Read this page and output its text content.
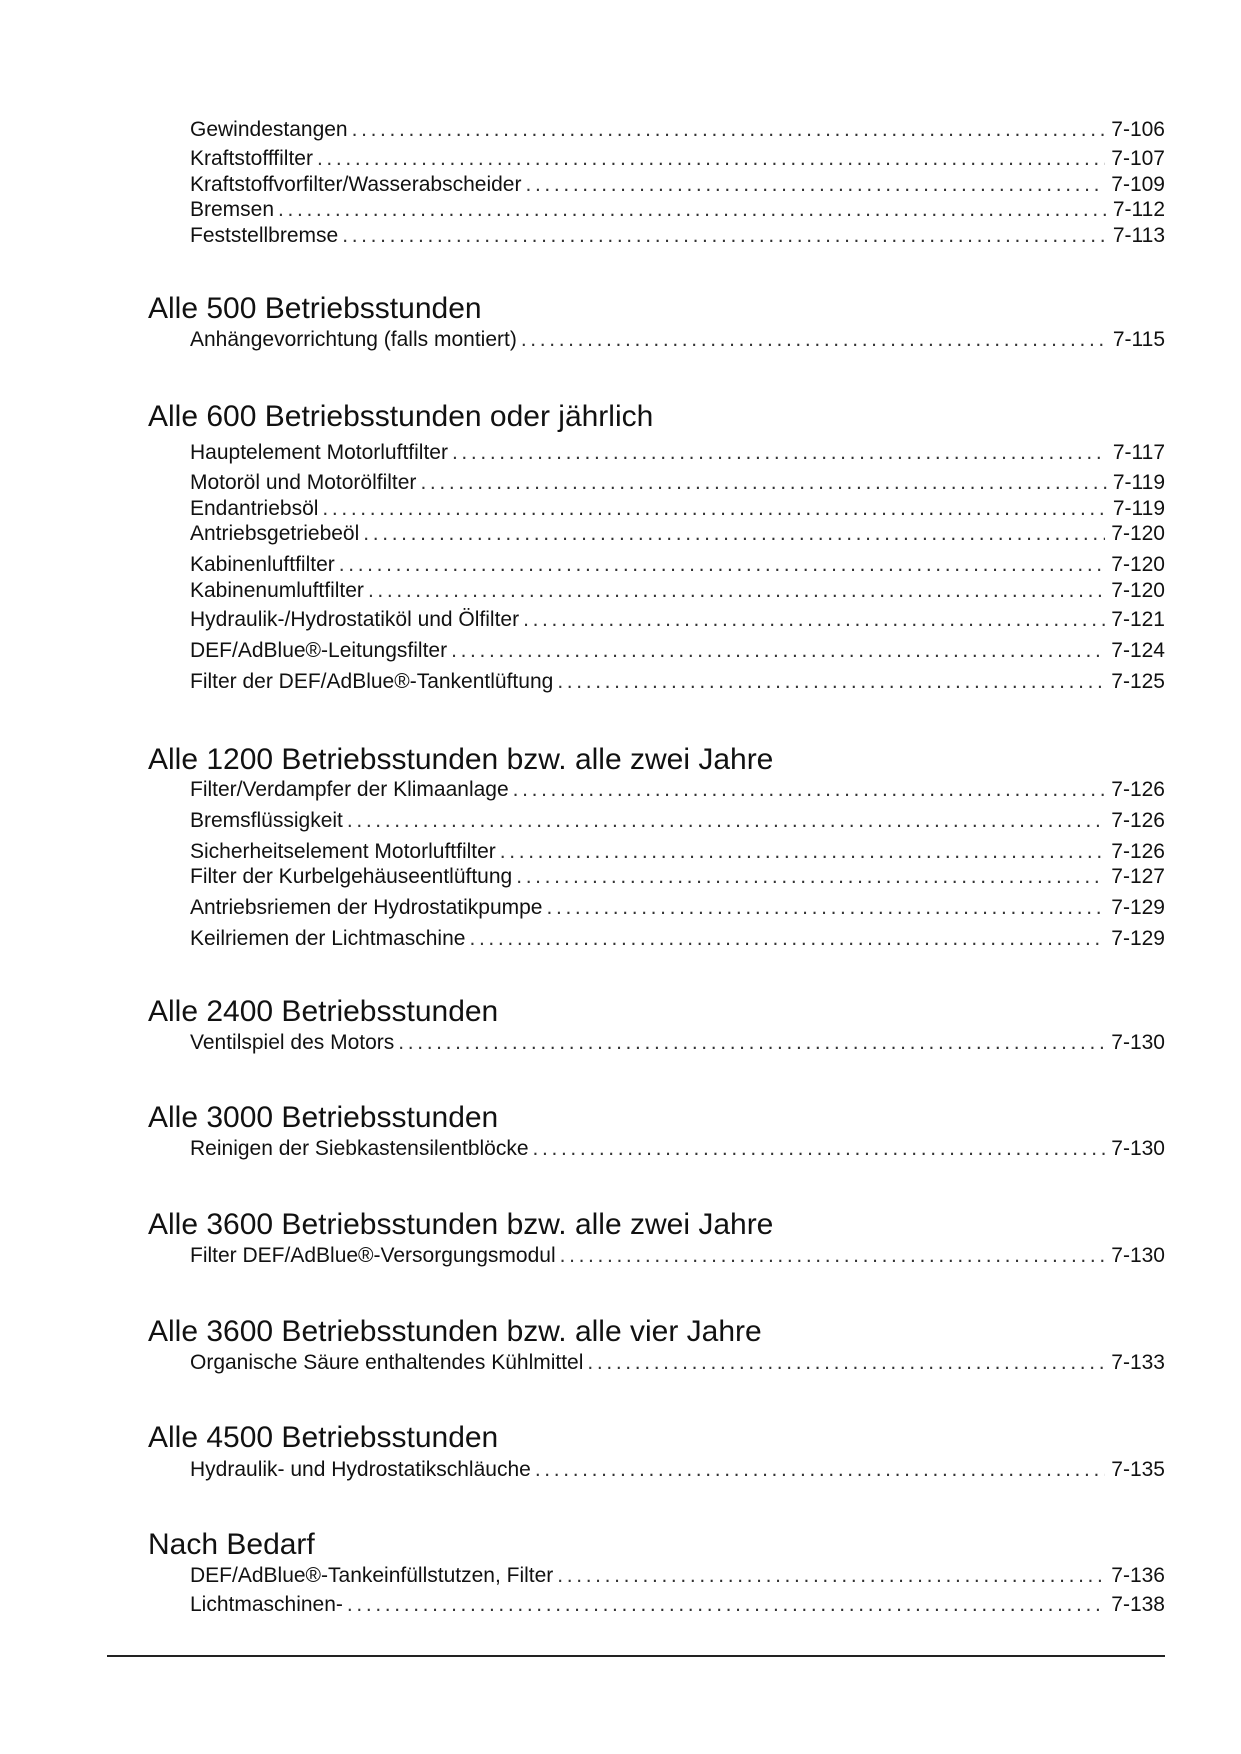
Gewindestangen . . .	7-106
Kraftstofffilter . . .	7-107
Kraftstoffvorfilter/Wasserabscheider . . .	7-109
Bremsen . . .	7-112
Feststellbremse . . .	7-113
Alle 500 Betriebsstunden
Anhängevorrichtung (falls montiert) . . .	7-115
Alle 600 Betriebsstunden oder jährlich
Hauptelement Motorluftfilter . . .	7-117
Motoröl und Motorölfilter . . .	7-119
Endantriebsöl . . .	7-119
Antriebsgetriebeöl . . .	7-120
Kabinenluftfilter . . .	7-120
Kabinenumluftfilter . . .	7-120
Hydraulik-/Hydrostatiköl und Ölfilter . . .	7-121
DEF/AdBlue®-Leitungsfilter . . .	7-124
Filter der DEF/AdBlue®-Tankentlüftung . . .	7-125
Alle 1200 Betriebsstunden bzw. alle zwei Jahre
Filter/Verdampfer der Klimaanlage . . .	7-126
Bremsflüssigkeit . . .	7-126
Sicherheitselement Motorluftfilter . . .	7-126
Filter der Kurbelgehäuseentlüftung . . .	7-127
Antriebsriemen der Hydrostatikpumpe . . .	7-129
Keilriemen der Lichtmaschine . . .	7-129
Alle 2400 Betriebsstunden
Ventilspiel des Motors . . .	7-130
Alle 3000 Betriebsstunden
Reinigen der Siebkastensilentblöcke . . .	7-130
Alle 3600 Betriebsstunden bzw. alle zwei Jahre
Filter DEF/AdBlue®-Versorgungsmodul . . .	7-130
Alle 3600 Betriebsstunden bzw. alle vier Jahre
Organische Säure enthaltendes Kühlmittel . . .	7-133
Alle 4500 Betriebsstunden
Hydraulik- und Hydrostatikschläuche . . .	7-135
Nach Bedarf
DEF/AdBlue®-Tankeinfüllstutzen, Filter . . .	7-136
Lichtmaschinen- . . .	7-138
